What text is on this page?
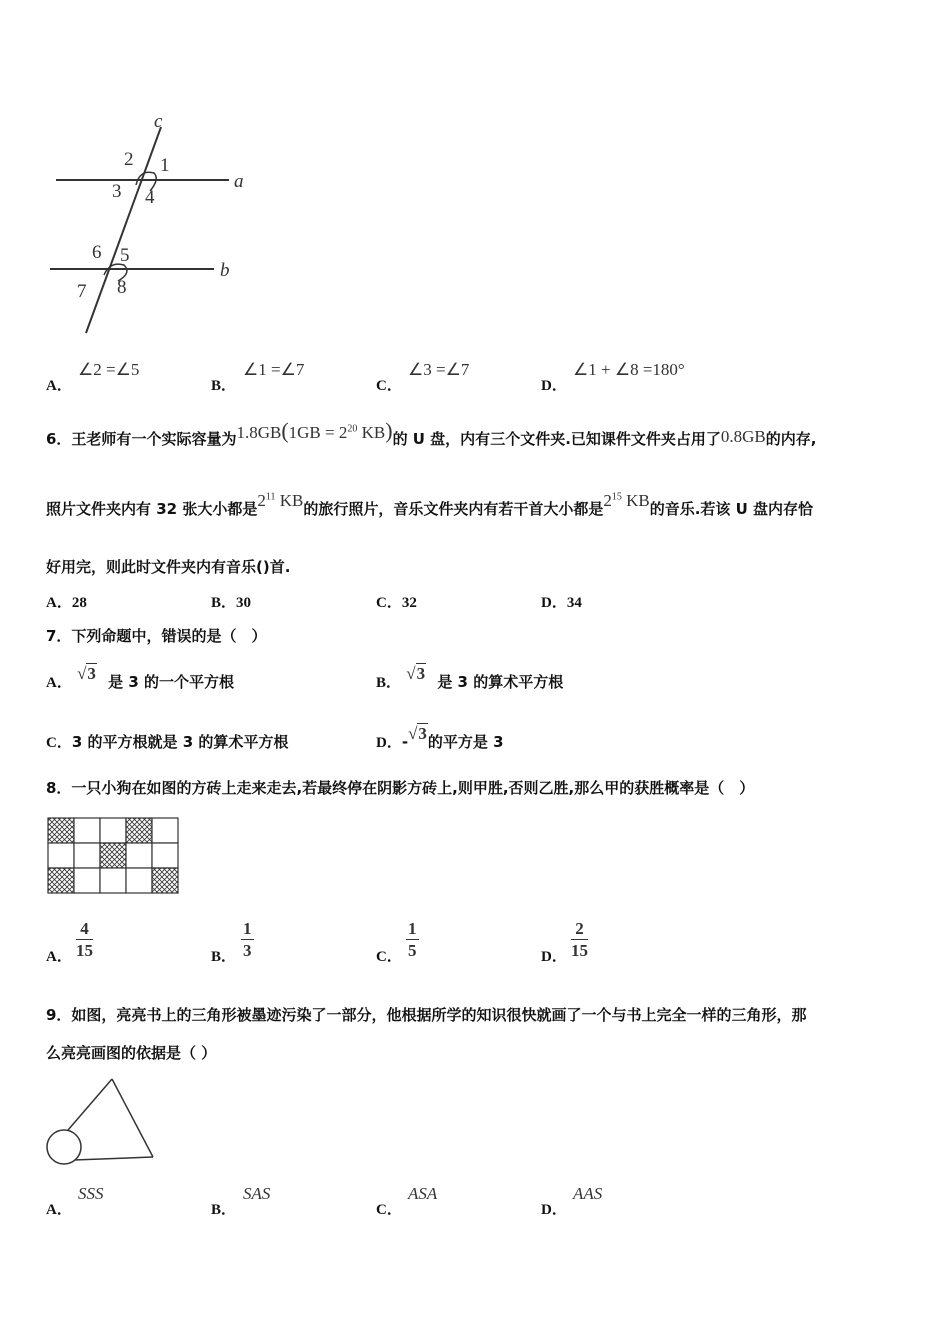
c
a
b
2 1
3 4
6 5
7 8
A．
∠2 =∠5
B．
∠1 =∠7
C．
∠3 =∠7
D．
∠1 + ∠8 =180°
6．王老师有一个实际容量为$1.8GB(1GB = 2^{20}$ KB)的 U 盘，内有三个文件夹.已知课件文件夹占用了0.8GB的内存,
照片文件夹内有 32 张大小都是$2^{11}$ KB的旅行照片，音乐文件夹内有若干首大小都是$2^{15}$ KB的音乐.若该 U 盘内存恰
好用完，则此时文件夹内有音乐()首.
A．28	B．30	C．32	D．34
7．下列命题中，错误的是（　）
A． √3 是 3 的一个平方根	B． √3 是 3 的算术平方根
C．3 的平方根就是 3 的算术平方根	D．-√3的平方是 3
8．一只小狗在如图的方砖上走来走去,若最终停在阴影方砖上,则甲胜,否则乙胜,那么甲的获胜概率是（　）
A． $\frac{4}{15}$	B． $\frac{1}{3}$	C． $\frac{1}{5}$	D． $\frac{2}{15}$
9．如图，亮亮书上的三角形被墨迹污染了一部分，他根据所学的知识很快就画了一个与书上完全一样的三角形，那
么亮亮画图的依据是（ ）
A．
SSS
B．
SAS
C．
ASA
D．
AAS
